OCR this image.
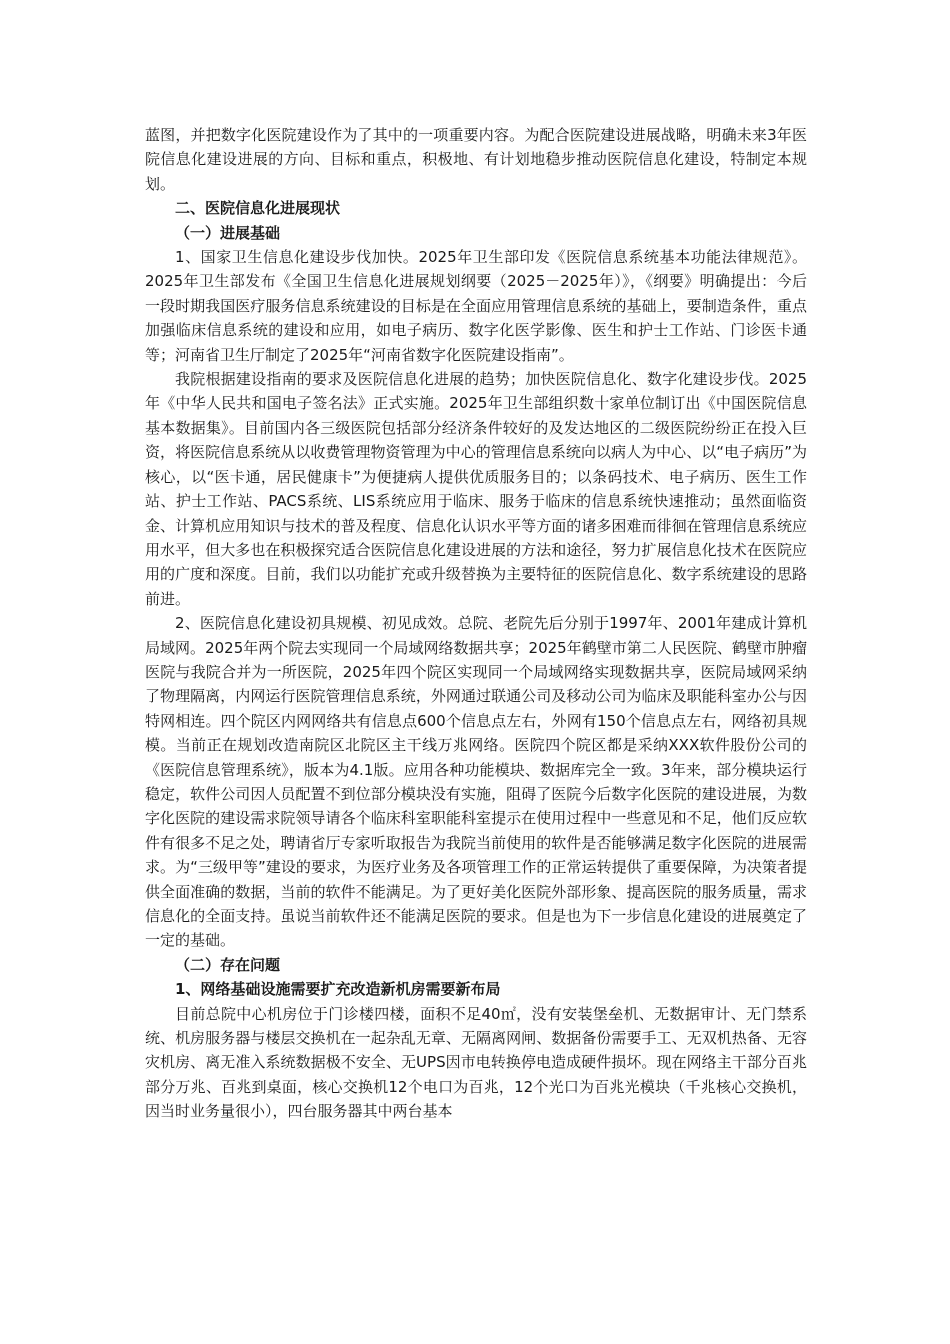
蓝图，并把数字化医院建设作为了其中的一项重要内容。为配合医院建设进展战略，明确未来3年医院信息化建设进展的方向、目标和重点，积极地、有计划地稳步推动医院信息化建设，特制定本规划。

二、医院信息化进展现状

（一）进展基础

1、国家卫生信息化建设步伐加快。2025年卫生部印发《医院信息系统基本功能法律规范》。2025年卫生部发布《全国卫生信息化进展规划纲要（2025－2025年）》，《纲要》明确提出：今后一段时期我国医疗服务信息系统建设的目标是在全面应用管理信息系统的基础上，要制造条件，重点加强临床信息系统的建设和应用，如电子病历、数字化医学影像、医生和护士工作站、门诊医卡通等；河南省卫生厅制定了2025年“河南省数字化医院建设指南”。

我院根据建设指南的要求及医院信息化进展的趋势；加快医院信息化、数字化建设步伐。2025年《中华人民共和国电子签名法》正式实施。2025年卫生部组织数十家单位制订出《中国医院信息基本数据集》。目前国内各三级医院包括部分经济条件较好的及发达地区的二级医院纷纷正在投入巨资，将医院信息系统从以收费管理物资管理为中心的管理信息系统向以病人为中心、以“电子病历”为核心，以“医卡通，居民健康卡”为便捷病人提供优质服务目的；以条码技术、电子病历、医生工作站、护士工作站、PACS系统、LIS系统应用于临床、服务于临床的信息系统快速推动；虽然面临资金、计算机应用知识与技术的普及程度、信息化认识水平等方面的诸多困难而徘徊在管理信息系统应用水平，但大多也在积极探究适合医院信息化建设进展的方法和途径，努力扩展信息化技术在医院应用的广度和深度。目前，我们以功能扩充或升级替换为主要特征的医院信息化、数字系统建设的思路前进。

2、医院信息化建设初具规模、初见成效。总院、老院先后分别于1997年、2001年建成计算机局域网。2025年两个院去实现同一个局域网络数据共享；2025年鹤壁市第二人民医院、鹤壁市肿瘤医院与我院合并为一所医院，2025年四个院区实现同一个局域网络实现数据共享，医院局域网采纳了物理隔离，内网运行医院管理信息系统，外网通过联通公司及移动公司为临床及职能科室办公与因特网相连。四个院区内网网络共有信息点600个信息点左右，外网有150个信息点左右，网络初具规模。当前正在规划改造南院区北院区主干线万兆网络。医院四个院区都是采纳XXX软件股份公司的《医院信息管理系统》，版本为4.1版。应用各种功能模块、数据库完全一致。3年来，部分模块运行稳定，软件公司因人员配置不到位部分模块没有实施，阻碍了医院今后数字化医院的建设进展，为数字化医院的建设需求院领导请各个临床科室职能科室提示在使用过程中一些意见和不足，他们反应软件有很多不足之处，聘请省厅专家听取报告为我院当前使用的软件是否能够满足数字化医院的进展需求。为“三级甲等”建设的要求，为医疗业务及各项管理工作的正常运转提供了重要保障，为决策者提供全面准确的数据，当前的软件不能满足。为了更好美化医院外部形象、提高医院的服务质量，需求信息化的全面支持。虽说当前软件还不能满足医院的要求。但是也为下一步信息化建设的进展奠定了一定的基础。

（二）存在问题

1、网络基础设施需要扩充改造新机房需要新布局

目前总院中心机房位于门诊楼四楼，面积不足40㎡，没有安装堡垒机、无数据审计、无门禁系统、机房服务器与楼层交换机在一起杂乱无章、无隔离网闸、数据备份需要手工、无双机热备、无容灾机房、离无准入系统数据极不安全、无UPS因市电转换停电造成硬件损坏。现在网络主干部分百兆部分万兆、百兆到桌面，核心交换机12个电口为百兆，12个光口为百兆光模块（千兆核心交换机，因当时业务量很小），四台服务器其中两台基本
